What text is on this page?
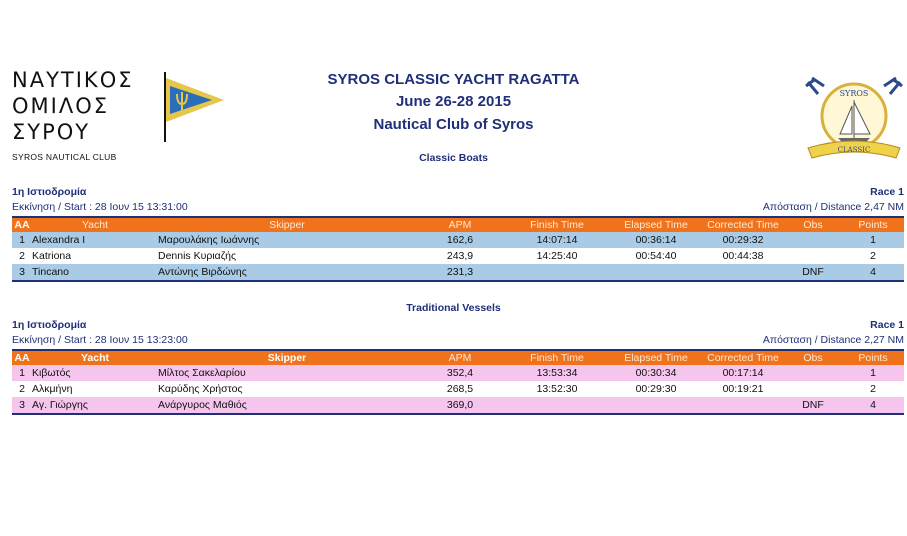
ΝΑΥΤΙΚΟΣ
ΟΜΙΛΟΣ
ΣΥΡΟΥ
SYROS NAUTICAL CLUB
SYROS CLASSIC YACHT RAGATTA
June 26-28 2015
Nautical Club of Syros
SYROS
CLASSIC
Classic Boats
1η Ιστιοδρομία	Race 1
Εκκίνηση / Start : 28 Ιουν 15 13:31:00	Απόσταση / Distance 2,47 NM
AA	Yacht	Skipper	APM	Finish Time	Elapsed Time	Corrected Time	Obs	Points
1	Alexandra I	Μαρουλάκης Ιωάννης	162,6	14:07:14	00:36:14	00:29:32		1
2	Katriona	Dennis Κυριαζής	243,9	14:25:40	00:54:40	00:44:38		2
3	Tincano	Αντώνης Βιρδώνης	231,3				DNF	4
Traditional Vessels
1η Ιστιοδρομία	Race 1
Εκκίνηση / Start : 28 Ιουν 15 13:23:00	Απόσταση / Distance 2,27 NM
AA	Yacht	Skipper	APM	Finish Time	Elapsed Time	Corrected Time	Obs	Points
1	Κιβωτός	Μίλτος Σακελαρίου	352,4	13:53:34	00:30:34	00:17:14		1
2	Αλκμήνη	Καρύδης Χρήστος	268,5	13:52:30	00:29:30	00:19:21		2
3	Αγ. Γιώργης	Ανάργυρος Μαθιός	369,0				DNF	4
